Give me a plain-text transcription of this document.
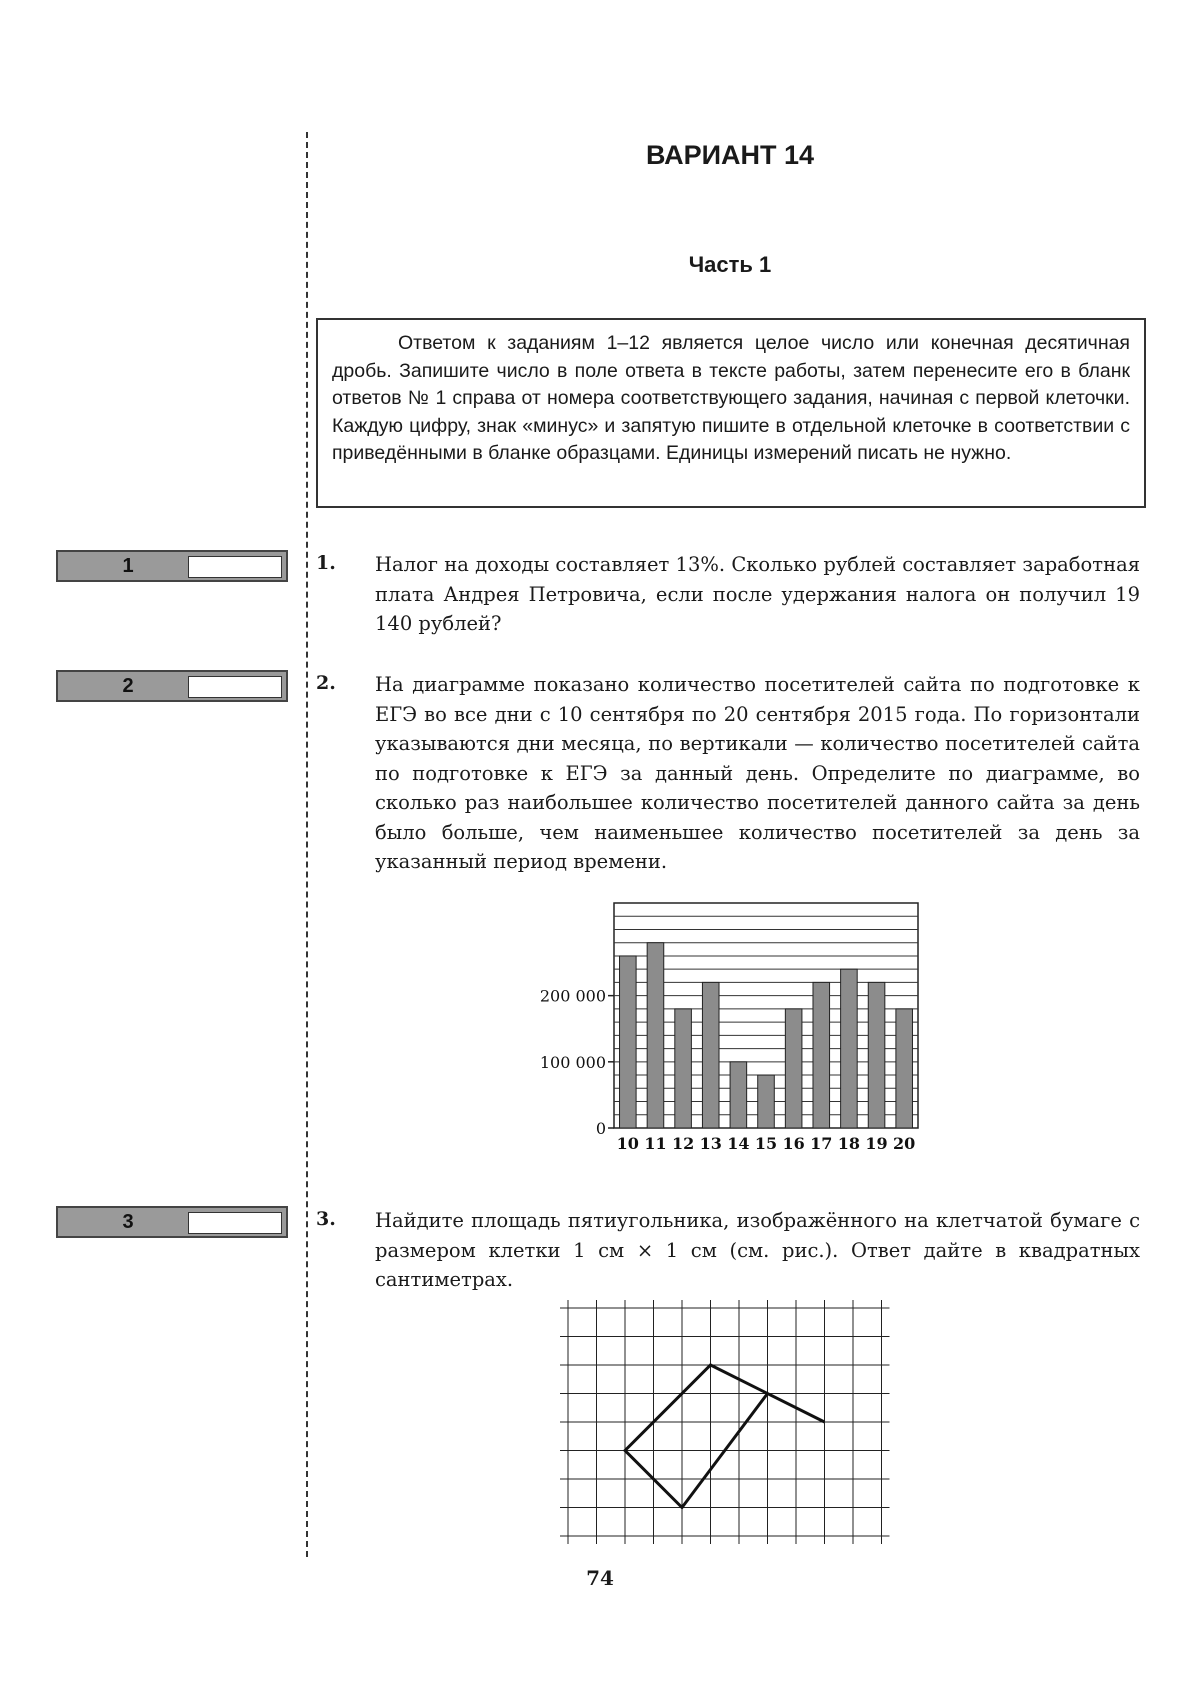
ВАРИАНТ 14
Часть 1
Ответом к заданиям 1–12 является целое число или конечная десятичная дробь. Запишите число в поле ответа в тексте работы, затем перенесите его в бланк ответов № 1 справа от номера соответствующего задания, начиная с первой клеточки. Каждую цифру, знак «минус» и запятую пишите в отдельной клеточке в соответствии с приведёнными в бланке образцами. Единицы измерений писать не нужно.
1
2
3
1. Налог на доходы составляет 13%. Сколько рублей составляет заработная плата Андрея Петровича, если после удержания налога он получил 19 140 рублей?
2. На диаграмме показано количество посетителей сайта по подготовке к ЕГЭ во все дни с 10 сентября по 20 сентября 2015 года. По горизонтали указываются дни месяца, по вертикали — количество посетителей сайта по подготовке к ЕГЭ за данный день. Определите по диаграмме, во сколько раз наибольшее количество посетителей данного сайта за день было больше, чем наименьшее количество посетителей за день за указанный период времени.
10 11 12 13 14 15 16 17 18 19 20
0
100 000
200 000
3. Найдите площадь пятиугольника, изображённого на клетчатой бумаге с размером клетки 1 см × 1 см (см. рис.). Ответ дайте в квадратных сантиметрах.
74
